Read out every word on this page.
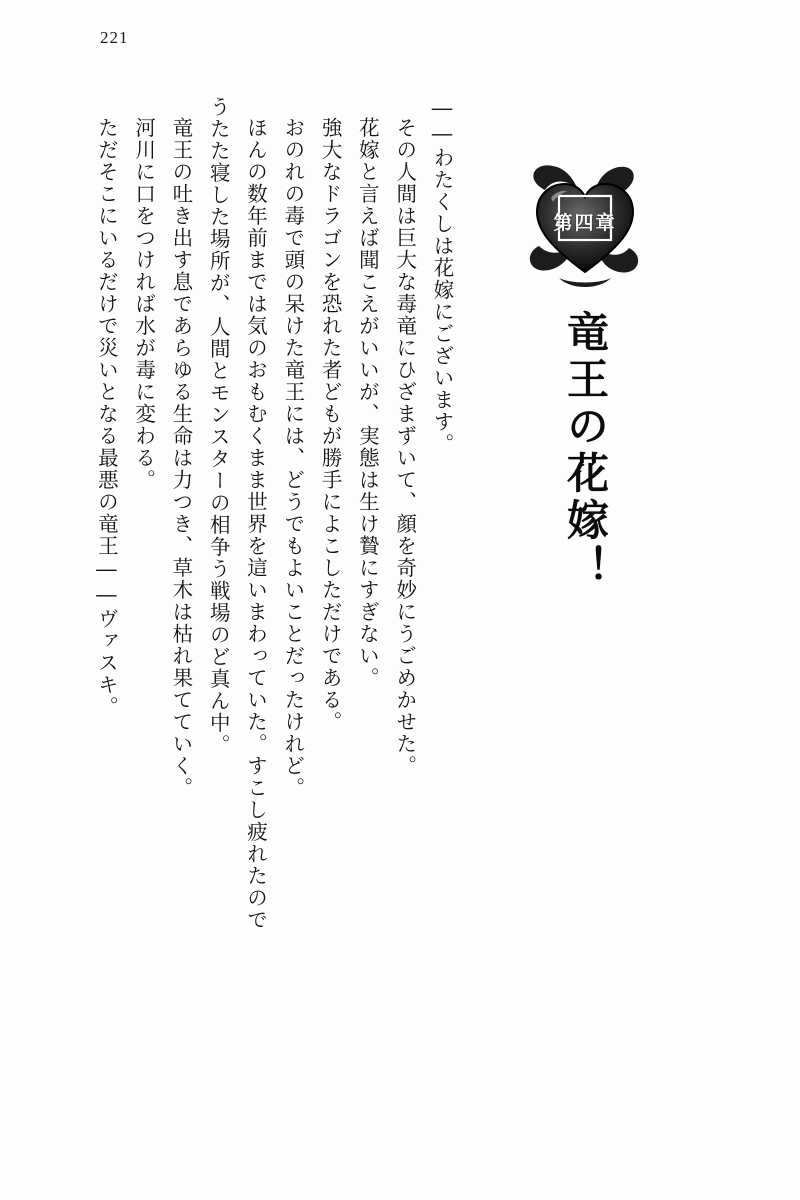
221
第四章
竜王の花嫁！

――わたくしは花嫁にございます。

その人間は巨大な毒竜にひざまずいて、顔を奇妙にうごめかせた。

花嫁と言えば聞こえがいいが、実態は生け贄にすぎない。

強大なドラゴンを恐れた者どもが勝手によこしただけである。

おのれの毒で頭の呆けた竜王には、どうでもよいことだったけれど。

ほんの数年前までは気のおもむくまま世界を這いまわっていた。すこし疲れたので

うたた寝した場所が、人間とモンスターの相争う戦場のど真ん中。

竜王の吐き出す息であらゆる生命は力つき、草木は枯れ果てていく。

河川に口をつければ水が毒に変わる。

ただそこにいるだけで災いとなる最悪の竜王――ヴァスキ。
